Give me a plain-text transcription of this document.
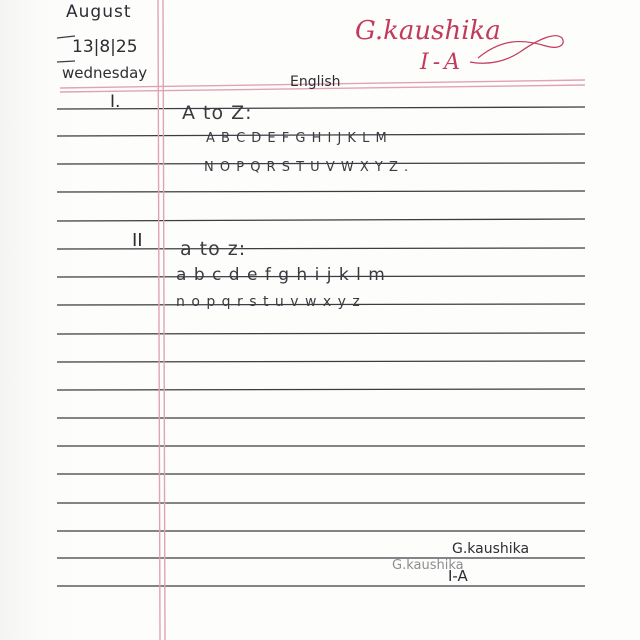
August
13|8|25
wednesday
G.kaushika
I-A
English
I.	A to Z:
A B C D E F G H I J K L M
N O P Q R S T U V W X Y Z .
II a to z:
a b c d e f g h i j k l m
n o p q r s t u v w x y z
G.kaushika
G.kaushika
I-A
